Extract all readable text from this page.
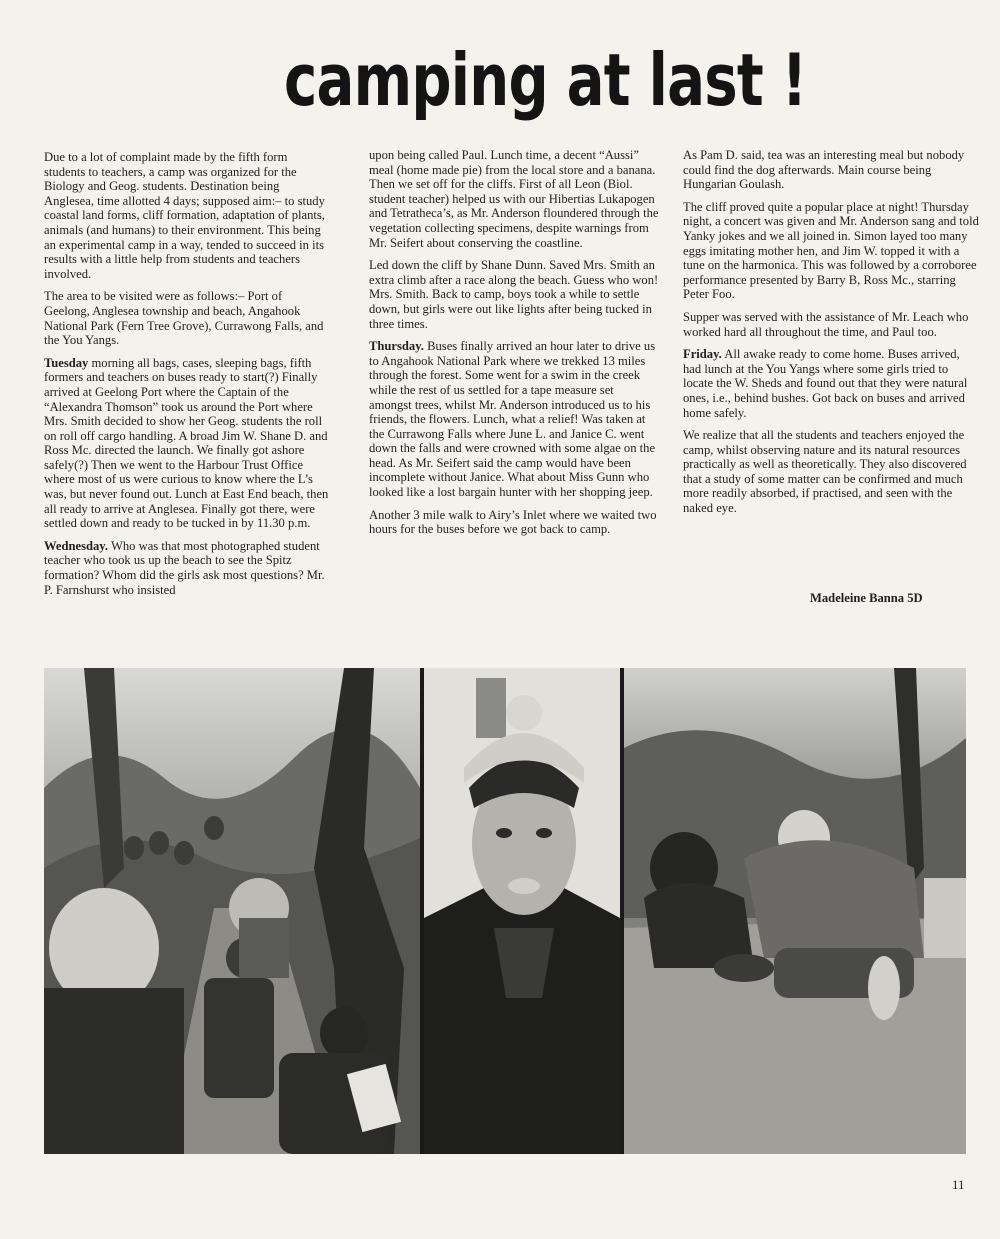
camping at last !

Due to a lot of complaint made by the fifth form students to teachers, a camp was organized for the Biology and Geog. students. Destination being Anglesea, time allotted 4 days; supposed aim:– to study coastal land forms, cliff formation, adaptation of plants, animals (and humans) to their environment. This being an experimental camp in a way, tended to succeed in its results with a little help from students and teachers involved.

The area to be visited were as follows:– Port of Geelong, Anglesea township and beach, Angahook National Park (Fern Tree Grove), Currawong Falls, and the You Yangs.

Tuesday morning all bags, cases, sleeping bags, fifth formers and teachers on buses ready to start(?) Finally arrived at Geelong Port where the Captain of the “Alexandra Thomson” took us around the Port where Mrs. Smith decided to show her Geog. students the roll on roll off cargo handling. A broad Jim W. Shane D. and Ross Mc. directed the launch. We finally got ashore safely(?) Then we went to the Harbour Trust Office where most of us were curious to know where the L’s was, but never found out. Lunch at East End beach, then all ready to arrive at Anglesea. Finally got there, were settled down and ready to be tucked in by 11.30 p.m.

Wednesday. Who was that most photographed student teacher who took us up the beach to see the Spitz formation? Whom did the girls ask most questions? Mr. P. Farnshurst who insisted

upon being called Paul. Lunch time, a decent “Aussi” meal (home made pie) from the local store and a banana. Then we set off for the cliffs. First of all Leon (Biol. student teacher) helped us with our Hibertias Lukapogen and Tetratheca’s, as Mr. Anderson floundered through the vegetation collecting specimens, despite warnings from Mr. Seifert about conserving the coastline.

Led down the cliff by Shane Dunn. Saved Mrs. Smith an extra climb after a race along the beach. Guess who won! Mrs. Smith. Back to camp, boys took a while to settle down, but girls were out like lights after being tucked in three times.

Thursday. Buses finally arrived an hour later to drive us to Angahook National Park where we trekked 13 miles through the forest. Some went for a swim in the creek while the rest of us settled for a tape measure set amongst trees, whilst Mr. Anderson introduced us to his friends, the flowers. Lunch, what a relief! Was taken at the Currawong Falls where June L. and Janice C. went down the falls and were crowned with some algae on the head. As Mr. Seifert said the camp would have been incomplete without Janice. What about Miss Gunn who looked like a lost bargain hunter with her shopping jeep.

Another 3 mile walk to Airy’s Inlet where we waited two hours for the buses before we got back to camp.

As Pam D. said, tea was an interesting meal but nobody could find the dog afterwards. Main course being Hungarian Goulash.

The cliff proved quite a popular place at night! Thursday night, a concert was given and Mr. Anderson sang and told Yanky jokes and we all joined in. Simon layed too many eggs imitating mother hen, and Jim W. topped it with a tune on the harmonica. This was followed by a corroboree performance presented by Barry B, Ross Mc., starring Peter Foo.

Supper was served with the assistance of Mr. Leach who worked hard all throughout the time, and Paul too.

Friday. All awake ready to come home. Buses arrived, had lunch at the You Yangs where some girls tried to locate the W. Sheds and found out that they were natural ones, i.e., behind bushes. Got back on buses and arrived home safely.

We realize that all the students and teachers enjoyed the camp, whilst observing nature and its natural resources practically as well as theoretically. They also discovered that a study of some matter can be confirmed and much more readily absorbed, if practised, and seen with the naked eye.

Madeleine Banna 5D
11
